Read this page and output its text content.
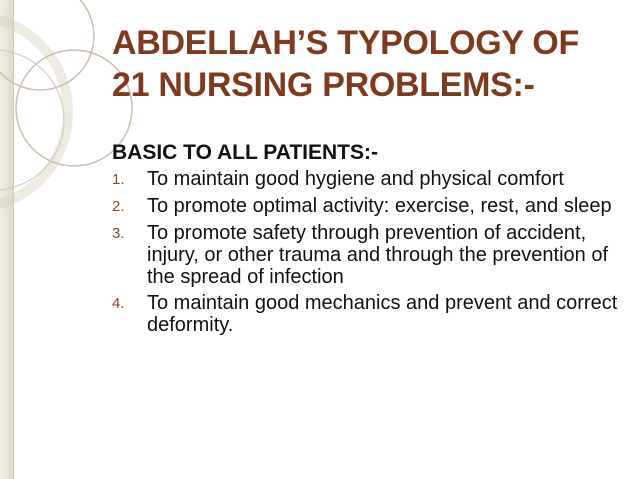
ABDELLAH’S TYPOLOGY OF
21 NURSING PROBLEMS:-

BASIC TO ALL PATIENTS:-

1.	To maintain good hygiene and physical comfort
2.	To promote optimal activity: exercise, rest, and sleep
3.	To promote safety through prevention of accident, injury, or other trauma and through the prevention of the spread of infection
4.	To maintain good mechanics and prevent and correct deformity.
